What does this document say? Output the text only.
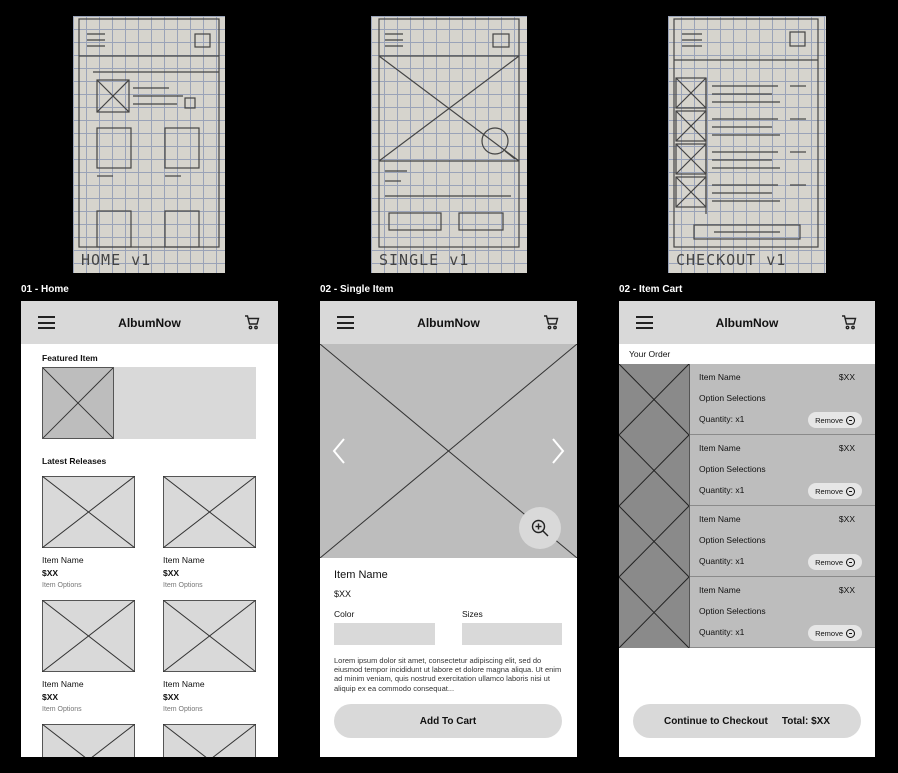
HOME v1	SINGLE v1	CHECKOUT v1
01 - Home	02 - Single Item	02 - Item Cart
AlbumNow
Featured Item
Latest Releases
Item Name
$XX
Item Options
Item Name
$XX
Item Options
Item Name
$XX
Item Options
Item Name
$XX
Item Options
AlbumNow
Item Name
$XX
Color	Sizes
Lorem ipsum dolor sit amet, consectetur adipiscing elit, sed do eiusmod tempor incididunt ut labore et dolore magna aliqua. Ut enim ad minim veniam, quis nostrud exercitation ullamco laboris nisi ut aliquip ex ea commodo consequat...
Add To Cart
AlbumNow
Your Order
Item Name	$XX
Option Selections
Quantity: x1	Remove
Item Name	$XX
Option Selections
Quantity: x1	Remove
Item Name	$XX
Option Selections
Quantity: x1	Remove
Item Name	$XX
Option Selections
Quantity: x1	Remove
Continue to Checkout Total: $XX
